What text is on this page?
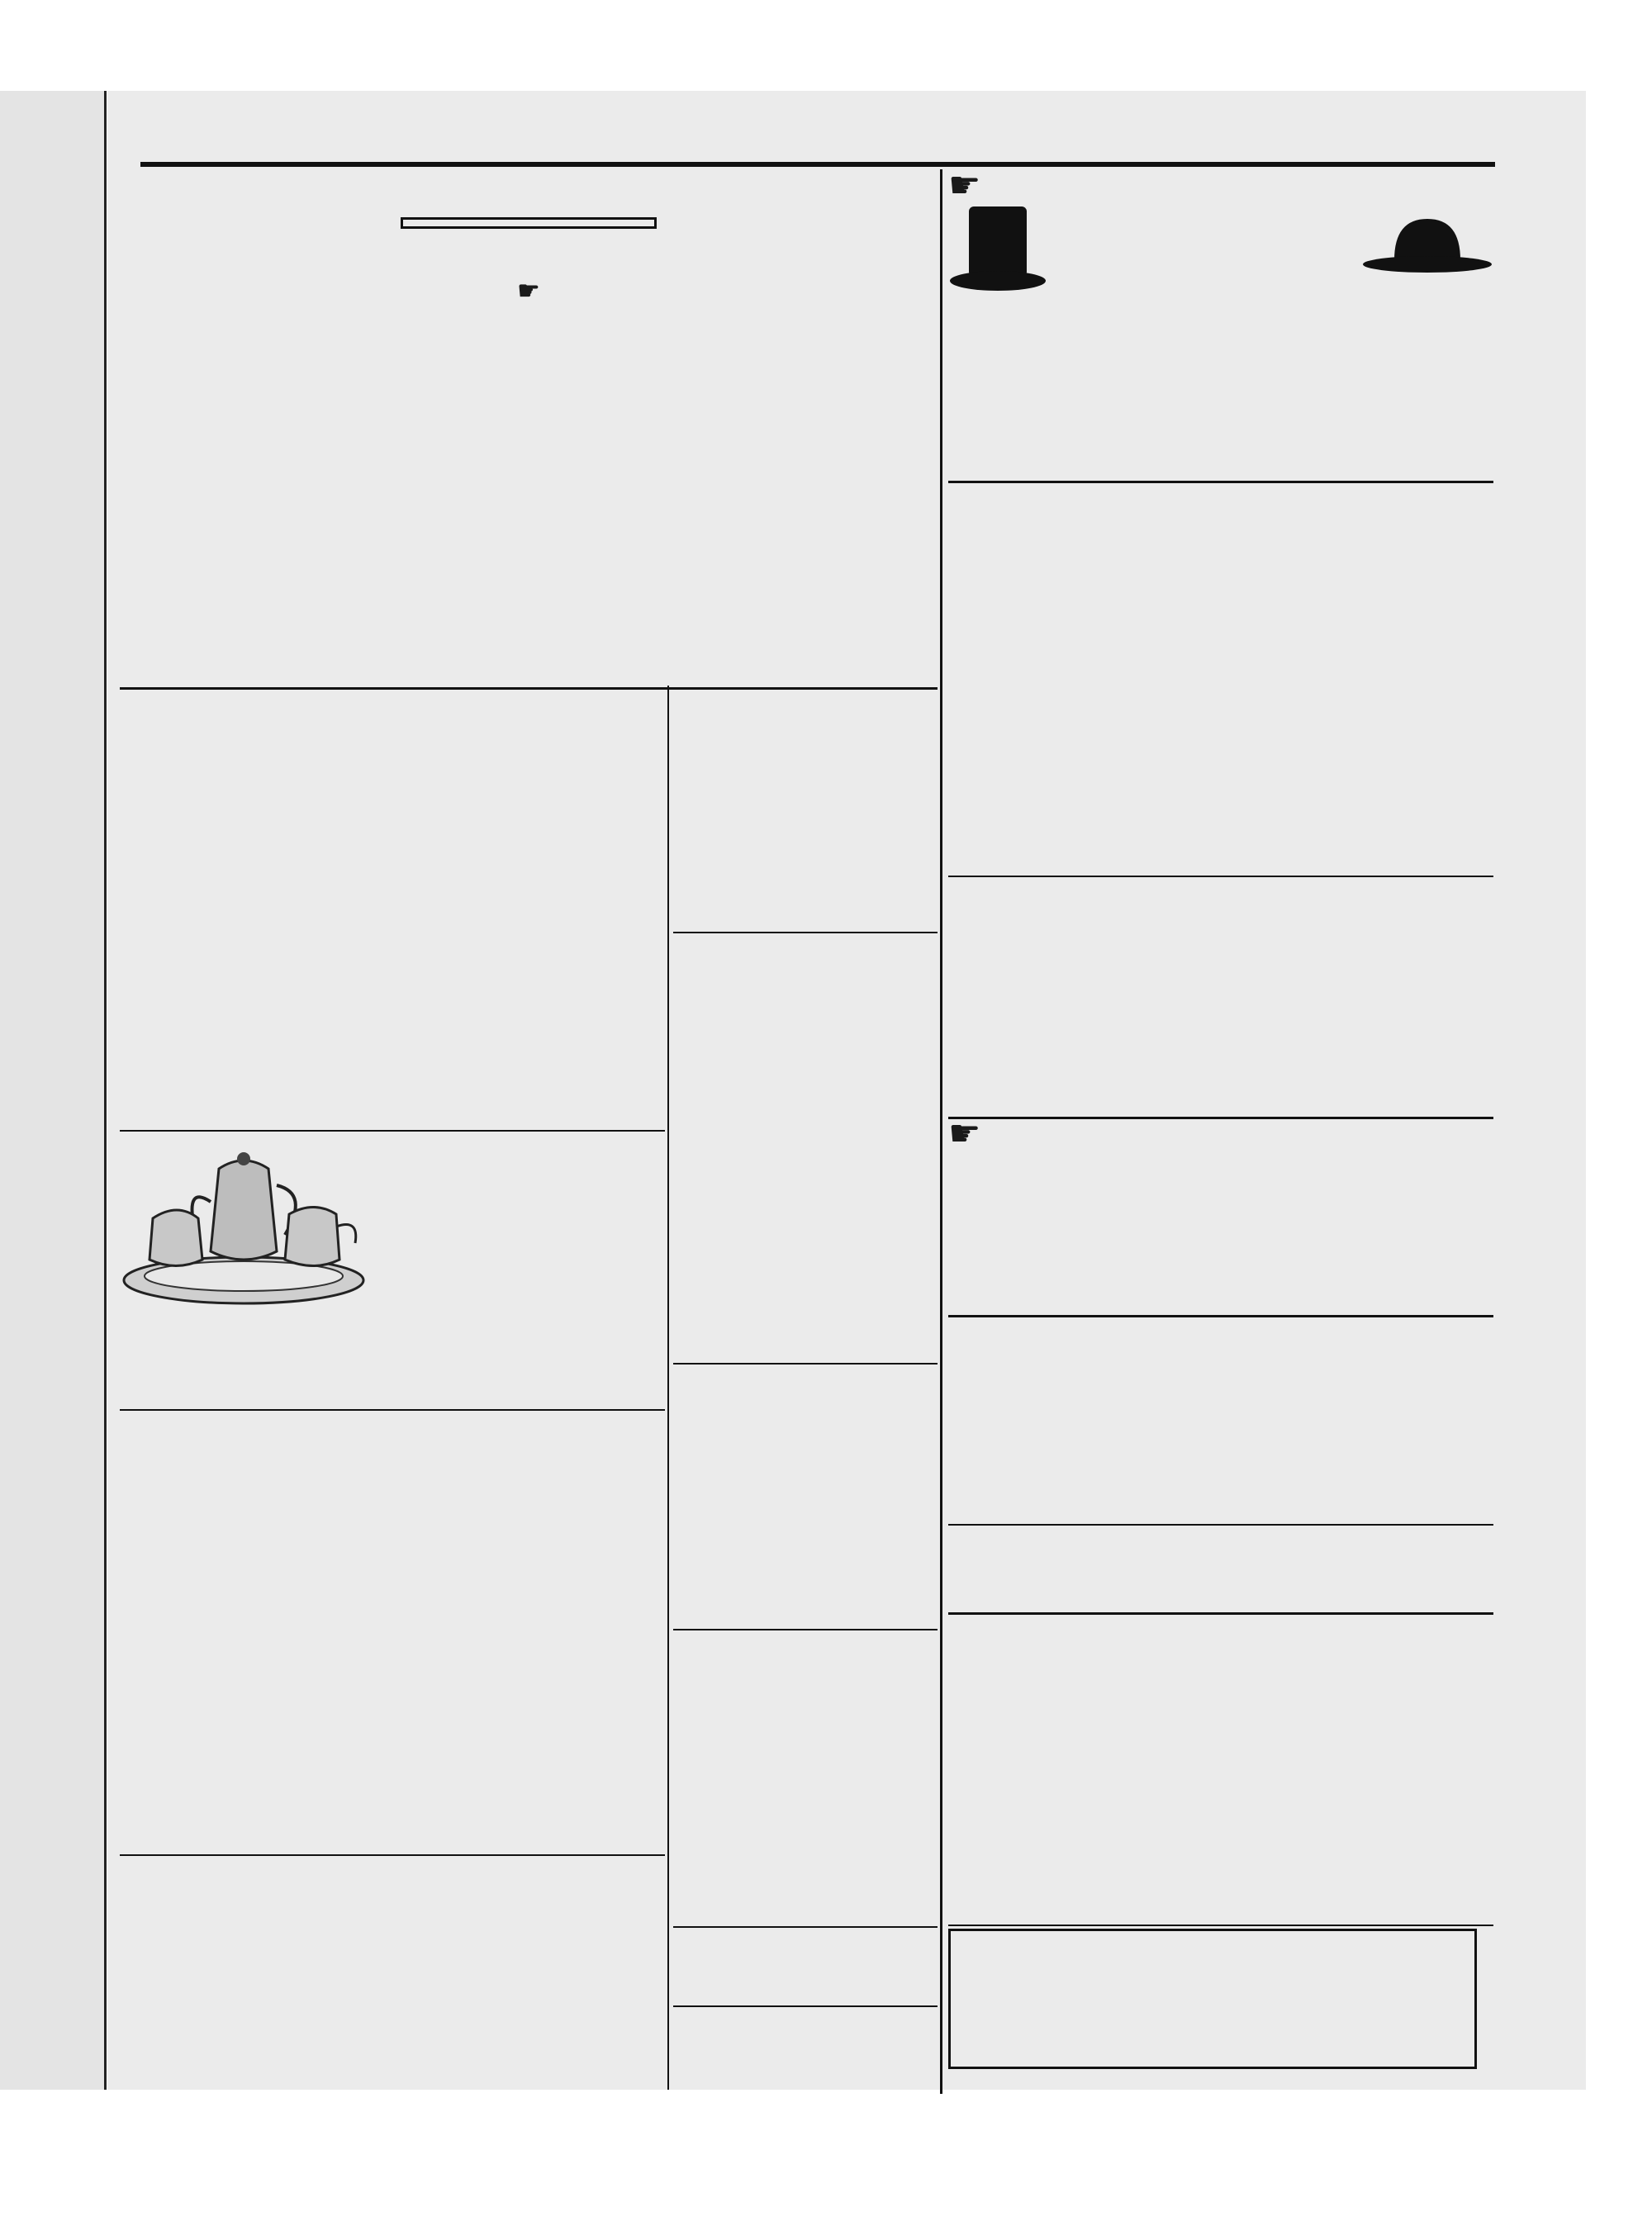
☛
☛
☛
